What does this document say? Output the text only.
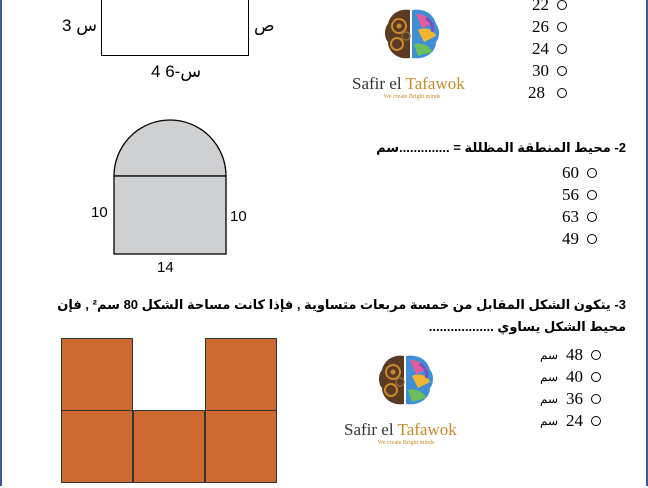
3 س	ص
4 س-6
22
26
24
30
28
Safir el Tafawok
We create Bright minds
10	10
14
2- محيط المنطقة المظللة = ..............سم
60
56
63
49
3- يتكون الشكل المقابل من خمسة مربعات متساوية , فإذا كانت مساحة الشكل 80 سم² , فإن محيط الشكل يساوي ..................
Safir el Tafawok
We create Bright minds
سم 48
سم 40
سم 36
سم 24
